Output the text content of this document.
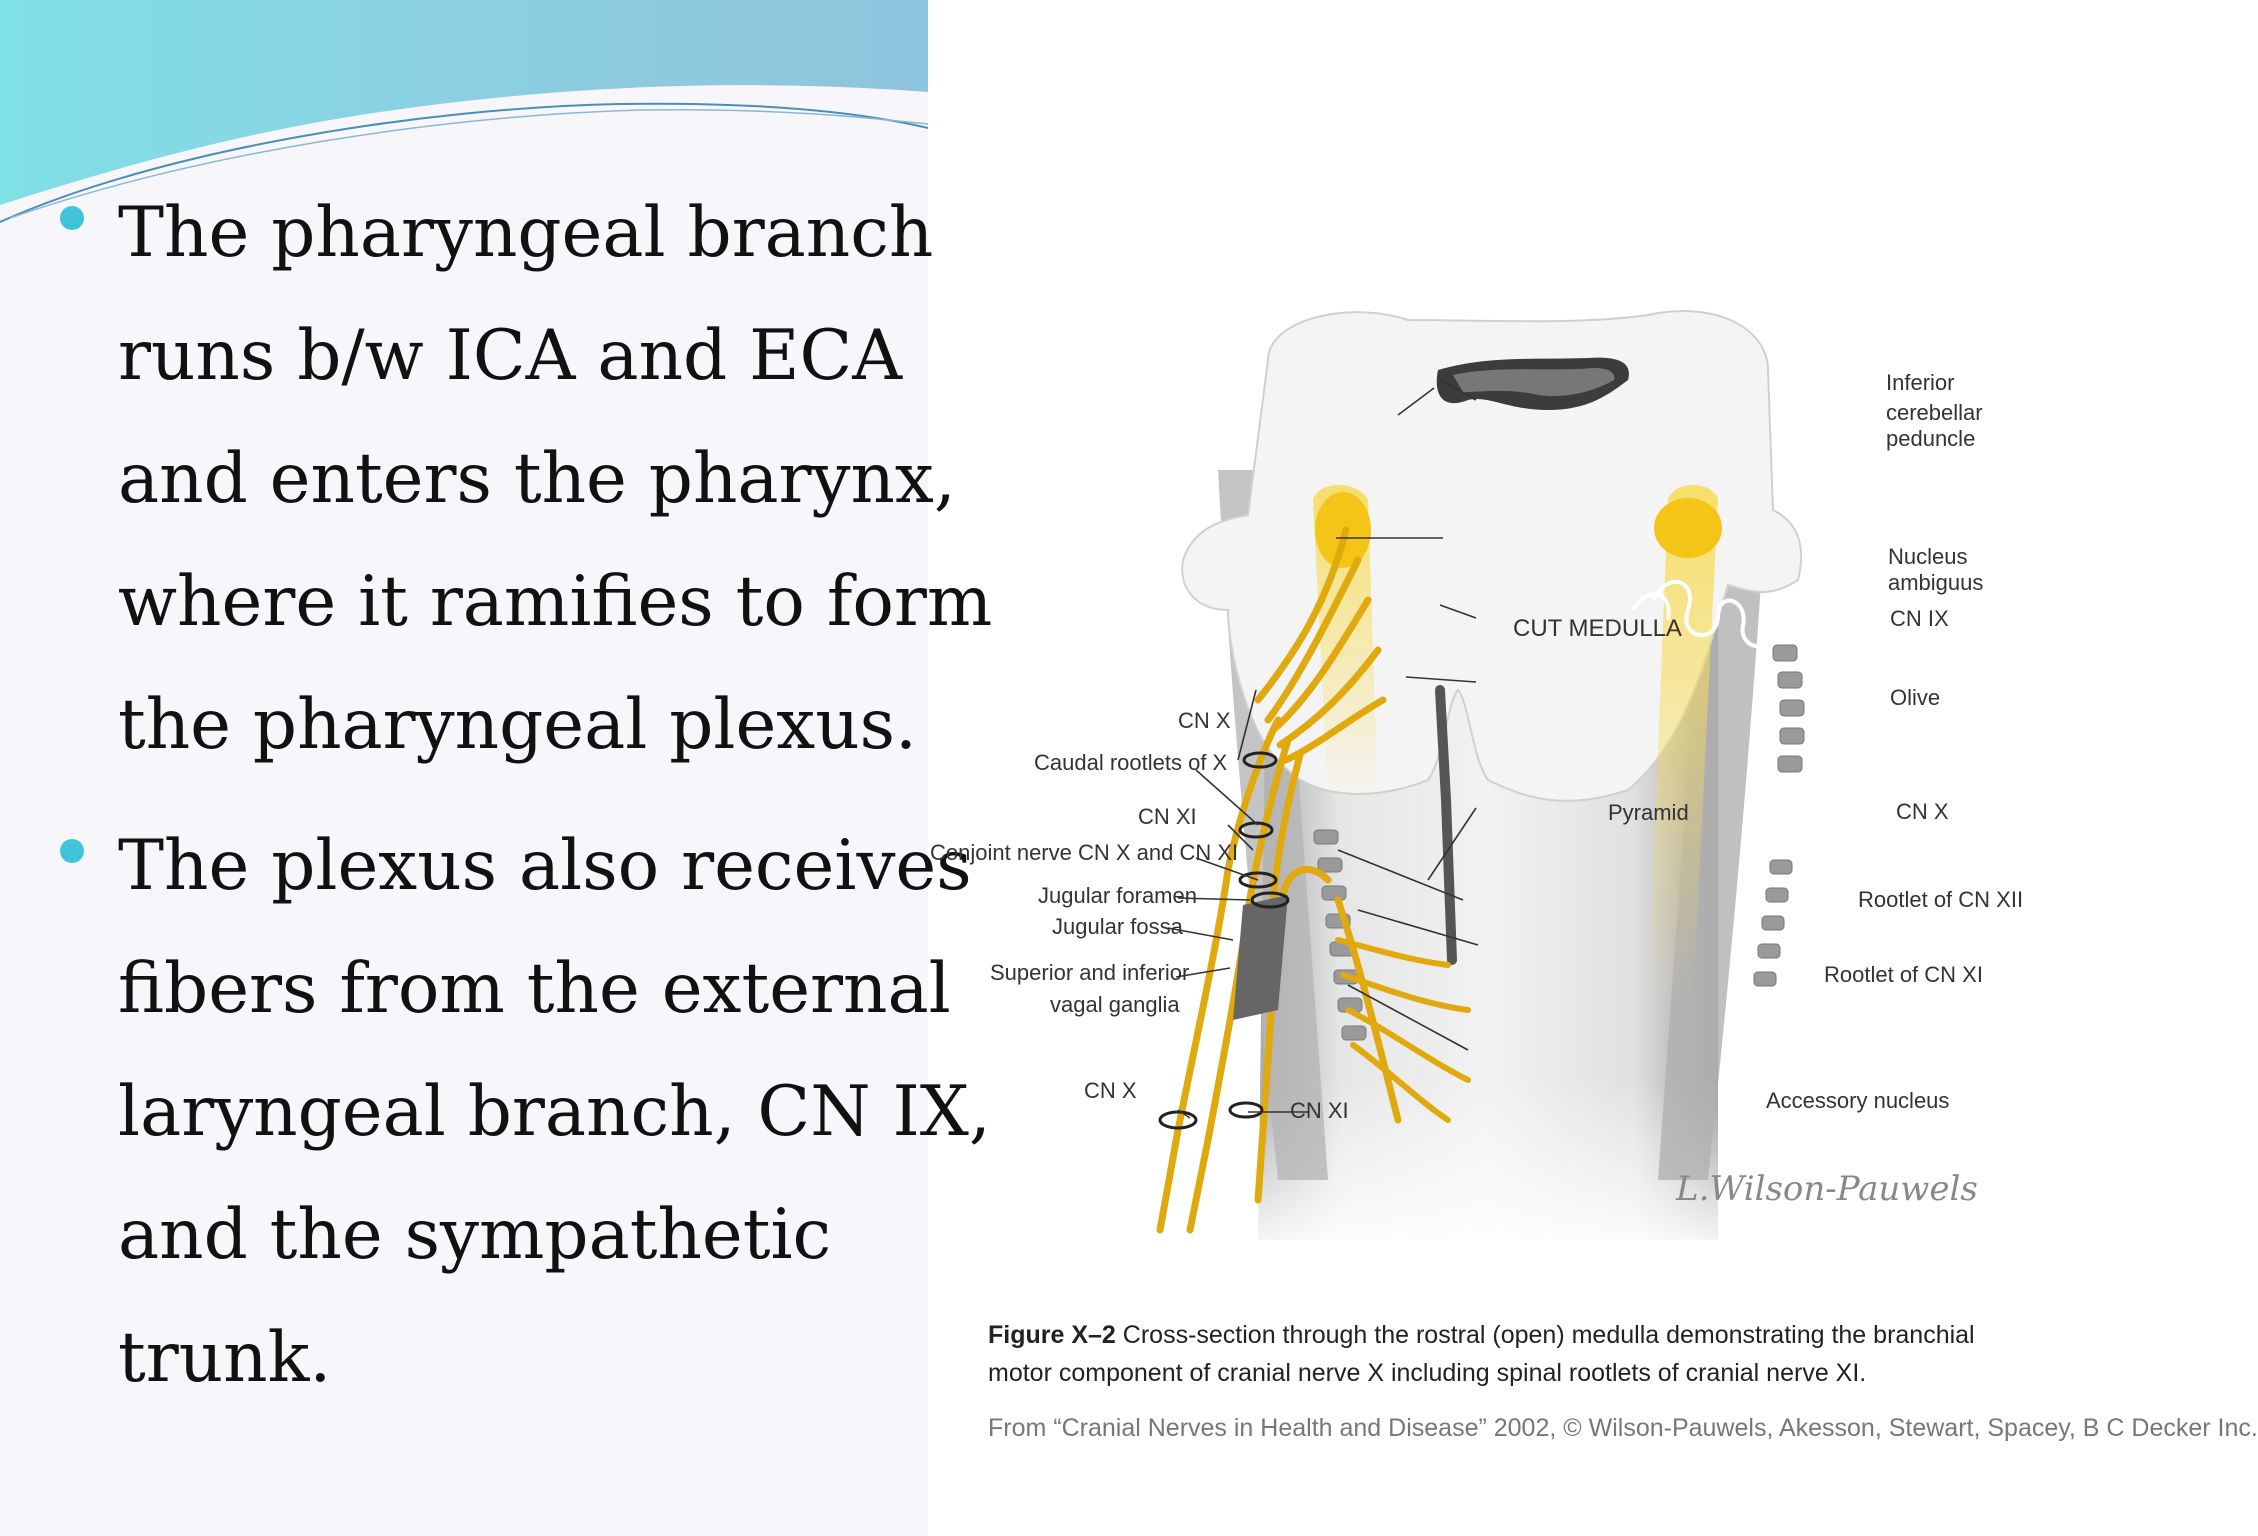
The pharyngeal branch
runs b/w ICA and ECA
and enters the pharynx,
where it ramifies to form
the pharyngeal plexus.
The plexus also receives
fibers from the external
laryngeal branch, CN IX,
and the sympathetic
trunk.
L.Wilson-Pauwels
CUT MEDULLA
Pyramid
Inferior
cerebellar peduncle
Nucleus ambiguus
CN IX
Olive
CN X
Rootlet of CN XII
Rootlet of CN XI
Accessory nucleus
CN X
Caudal rootlets of X
CN XI
Conjoint nerve CN X and CN XI
Jugular foramen
Jugular fossa
Superior and inferior
vagal ganglia
CN X
CN XI
Figure X–2 Cross-section through the rostral (open) medulla demonstrating the branchial motor component of cranial nerve X including spinal rootlets of cranial nerve XI.
From “Cranial Nerves in Health and Disease” 2002, © Wilson-Pauwels, Akesson, Stewart, Spacey, B C Decker Inc.
